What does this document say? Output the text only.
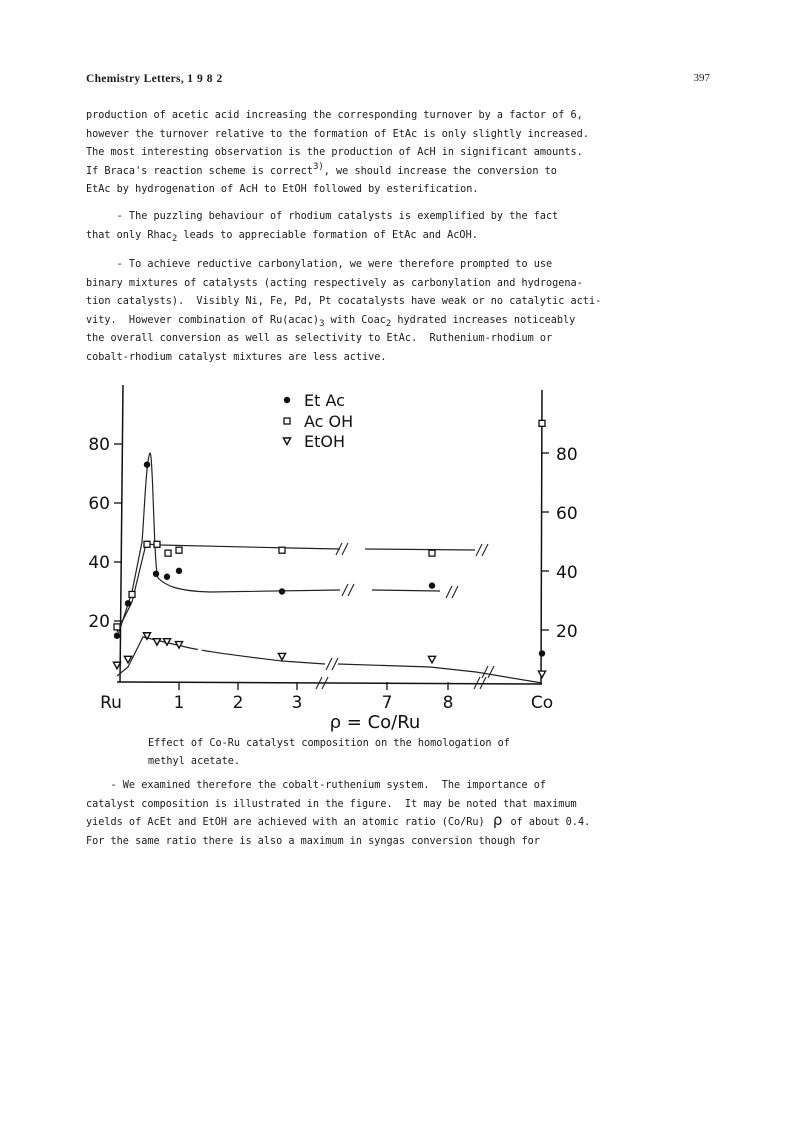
Chemistry Letters, 1982	397
production of acetic acid increasing the corresponding turnover by a factor of 6,
however the turnover relative to the formation of EtAc is only slightly increased.
The most interesting observation is the production of AcH in significant amounts.
If Braca's reaction scheme is correct$^{3)}$, we should increase the conversion to
EtAc by hydrogenation of AcH to EtOH followed by esterification.
- The puzzling behaviour of rhodium catalysts is exemplified by the fact
that only Rhac$_2$ leads to appreciable formation of EtAc and AcOH.
- To achieve reductive carbonylation, we were therefore prompted to use
binary mixtures of catalysts (acting respectively as carbonylation and hydrogena-
tion catalysts).  Visibly Ni, Fe, Pd, Pt cocatalysts have weak or no catalytic acti-
vity.  However combination of $Ru(acac)_3$ with Coac$_2$ hydrated increases noticeably
the overall conversion as well as selectivity to EtAc.  Ruthenium-rhodium or
cobalt-rhodium catalyst mixtures are less active.
20
40
60
80
20
40
60
80
Ru	1	2	3	7	8	Co
ρ = Co/Ru
Et Ac
Ac OH
EtOH
Effect of Co-Ru catalyst composition on the homologation of
methyl acetate.
- We examined therefore the cobalt-ruthenium system.  The importance of
catalyst composition is illustrated in the figure.  It may be noted that maximum
yields of AcEt and EtOH are achieved with an atomic ratio (Co/Ru) ρ of about 0.4.
For the same ratio there is also a maximum in syngas conversion though for
